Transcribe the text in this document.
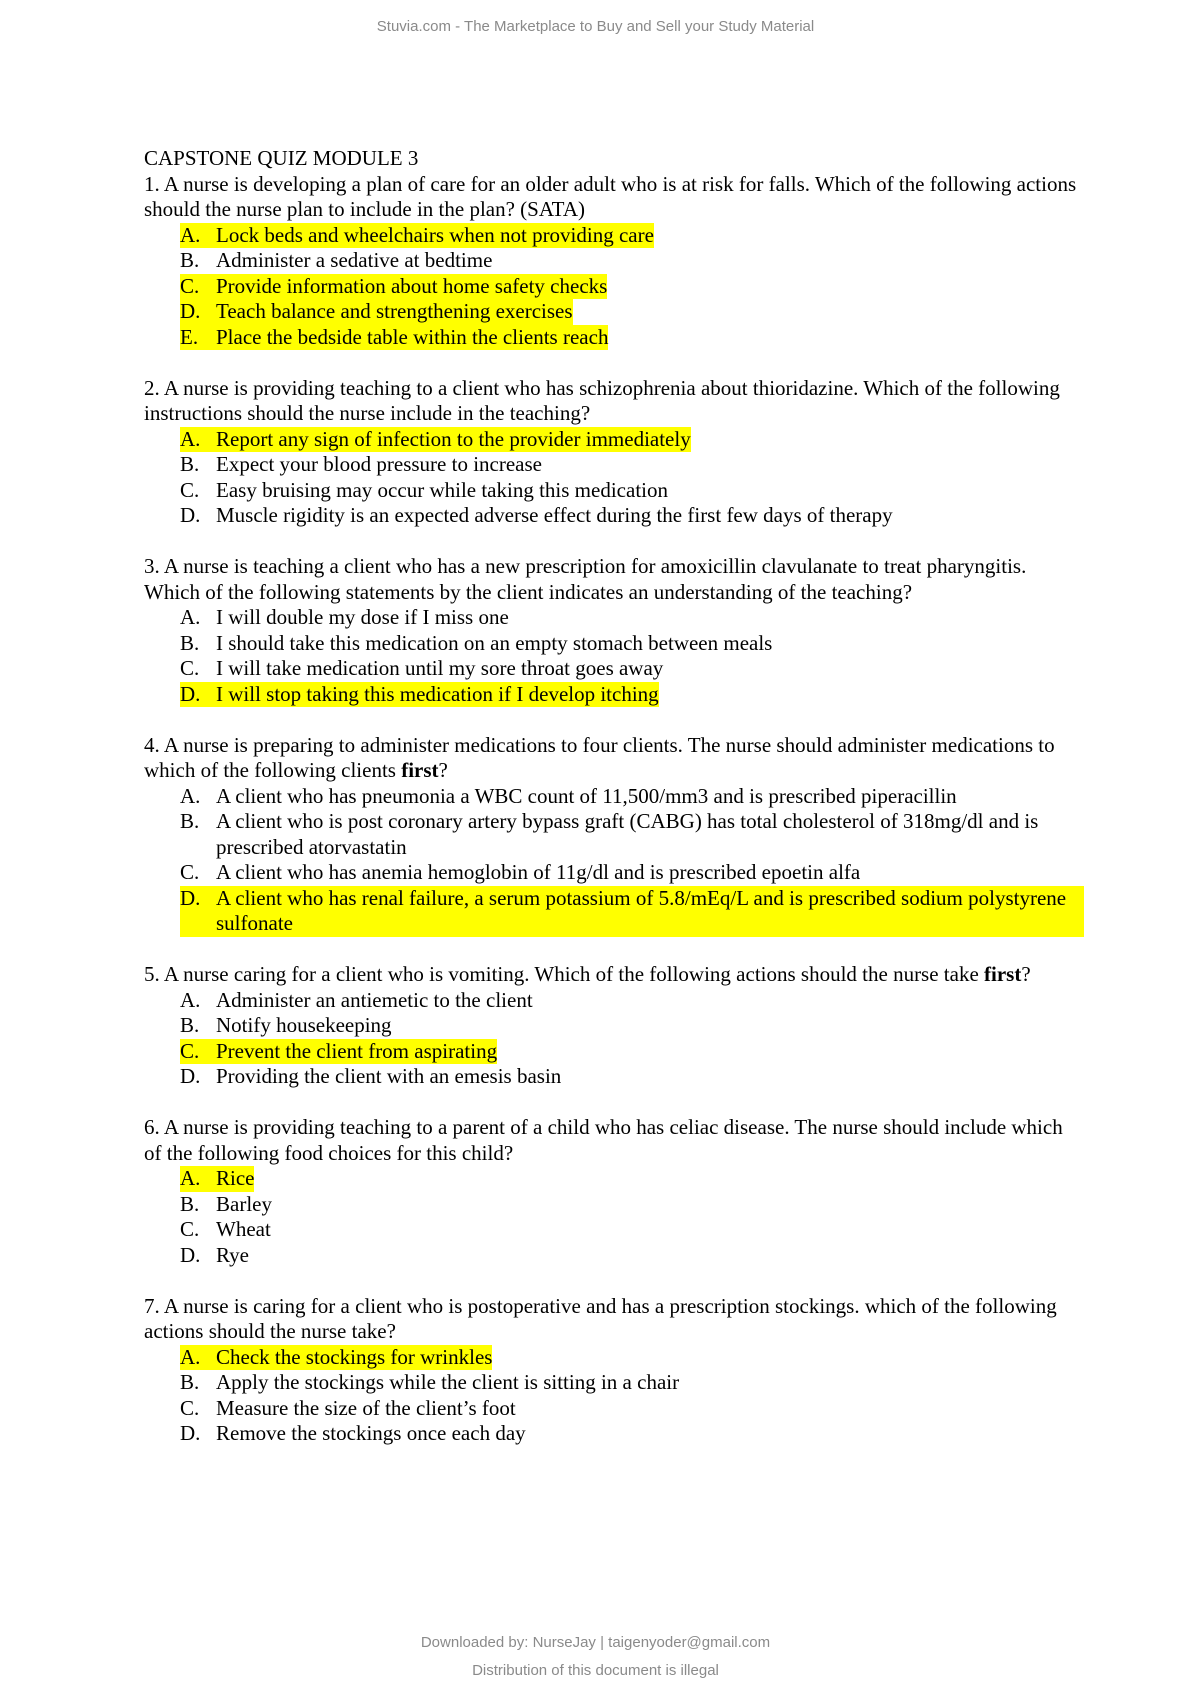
Stuvia.com - The Marketplace to Buy and Sell your Study Material
CAPSTONE QUIZ MODULE 3

1. A nurse is developing a plan of care for an older adult who is at risk for falls. Which of the following actions should the nurse plan to include in the plan? (SATA)

A. Lock beds and wheelchairs when not providing care
B. Administer a sedative at bedtime
C. Provide information about home safety checks
D. Teach balance and strengthening exercises
E. Place the bedside table within the clients reach

2. A nurse is providing teaching to a client who has schizophrenia about thioridazine. Which of the following instructions should the nurse include in the teaching?

A. Report any sign of infection to the provider immediately
B. Expect your blood pressure to increase
C. Easy bruising may occur while taking this medication
D. Muscle rigidity is an expected adverse effect during the first few days of therapy

3. A nurse is teaching a client who has a new prescription for amoxicillin clavulanate to treat pharyngitis. Which of the following statements by the client indicates an understanding of the teaching?

A. I will double my dose if I miss one
B. I should take this medication on an empty stomach between meals
C. I will take medication until my sore throat goes away
D. I will stop taking this medication if I develop itching

4. A nurse is preparing to administer medications to four clients. The nurse should administer medications to which of the following clients first?

A. A client who has pneumonia a WBC count of 11,500/mm3 and is prescribed piperacillin
B. A client who is post coronary artery bypass graft (CABG) has total cholesterol of 318mg/dl and is prescribed atorvastatin
C. A client who has anemia hemoglobin of 11g/dl and is prescribed epoetin alfa
D. A client who has renal failure, a serum potassium of 5.8/mEq/L and is prescribed sodium polystyrene sulfonate

5. A nurse caring for a client who is vomiting. Which of the following actions should the nurse take first?

A. Administer an antiemetic to the client
B. Notify housekeeping
C. Prevent the client from aspirating
D. Providing the client with an emesis basin

6. A nurse is providing teaching to a parent of a child who has celiac disease. The nurse should include which of the following food choices for this child?

A. Rice
B. Barley
C. Wheat
D. Rye

7. A nurse is caring for a client who is postoperative and has a prescription stockings. which of the following actions should the nurse take?

A. Check the stockings for wrinkles
B. Apply the stockings while the client is sitting in a chair
C. Measure the size of the client’s foot
D. Remove the stockings once each day
Downloaded by: NurseJay | taigenyoder@gmail.com
Distribution of this document is illegal
